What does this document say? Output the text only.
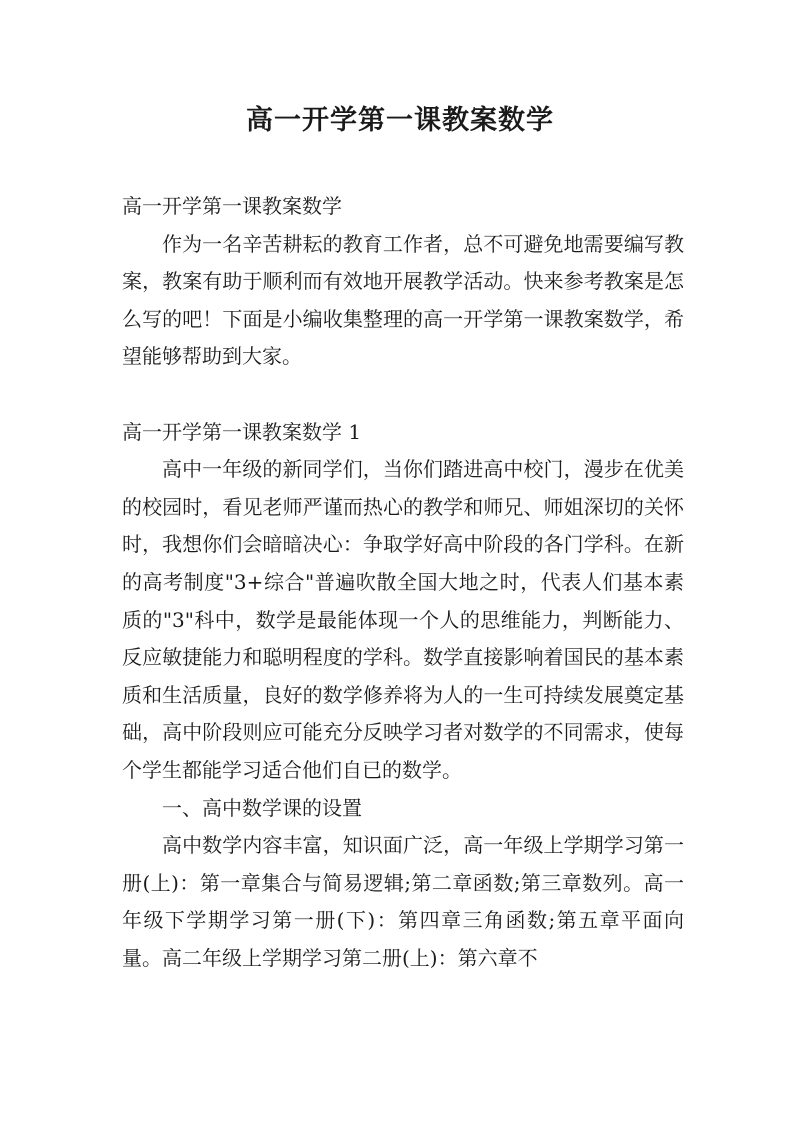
高一开学第一课教案数学

高一开学第一课教案数学

作为一名辛苦耕耘的教育工作者，总不可避免地需要编写教案，教案有助于顺利而有效地开展教学活动。快来参考教案是怎么写的吧！下面是小编收集整理的高一开学第一课教案数学，希望能够帮助到大家。

高一开学第一课教案数学 1

高中一年级的新同学们，当你们踏进高中校门，漫步在优美的校园时，看见老师严谨而热心的教学和师兄、师姐深切的关怀时，我想你们会暗暗决心：争取学好高中阶段的各门学科。在新的高考制度"3+综合"普遍吹散全国大地之时，代表人们基本素质的"3"科中，数学是最能体现一个人的思维能力，判断能力、反应敏捷能力和聪明程度的学科。数学直接影响着国民的基本素质和生活质量，良好的数学修养将为人的一生可持续发展奠定基础，高中阶段则应可能充分反映学习者对数学的不同需求，使每个学生都能学习适合他们自已的数学。

一、高中数学课的设置

高中数学内容丰富，知识面广泛，高一年级上学期学习第一册(上)：第一章集合与简易逻辑;第二章函数;第三章数列。高一年级下学期学习第一册(下)：第四章三角函数;第五章平面向量。高二年级上学期学习第二册(上)：第六章不
